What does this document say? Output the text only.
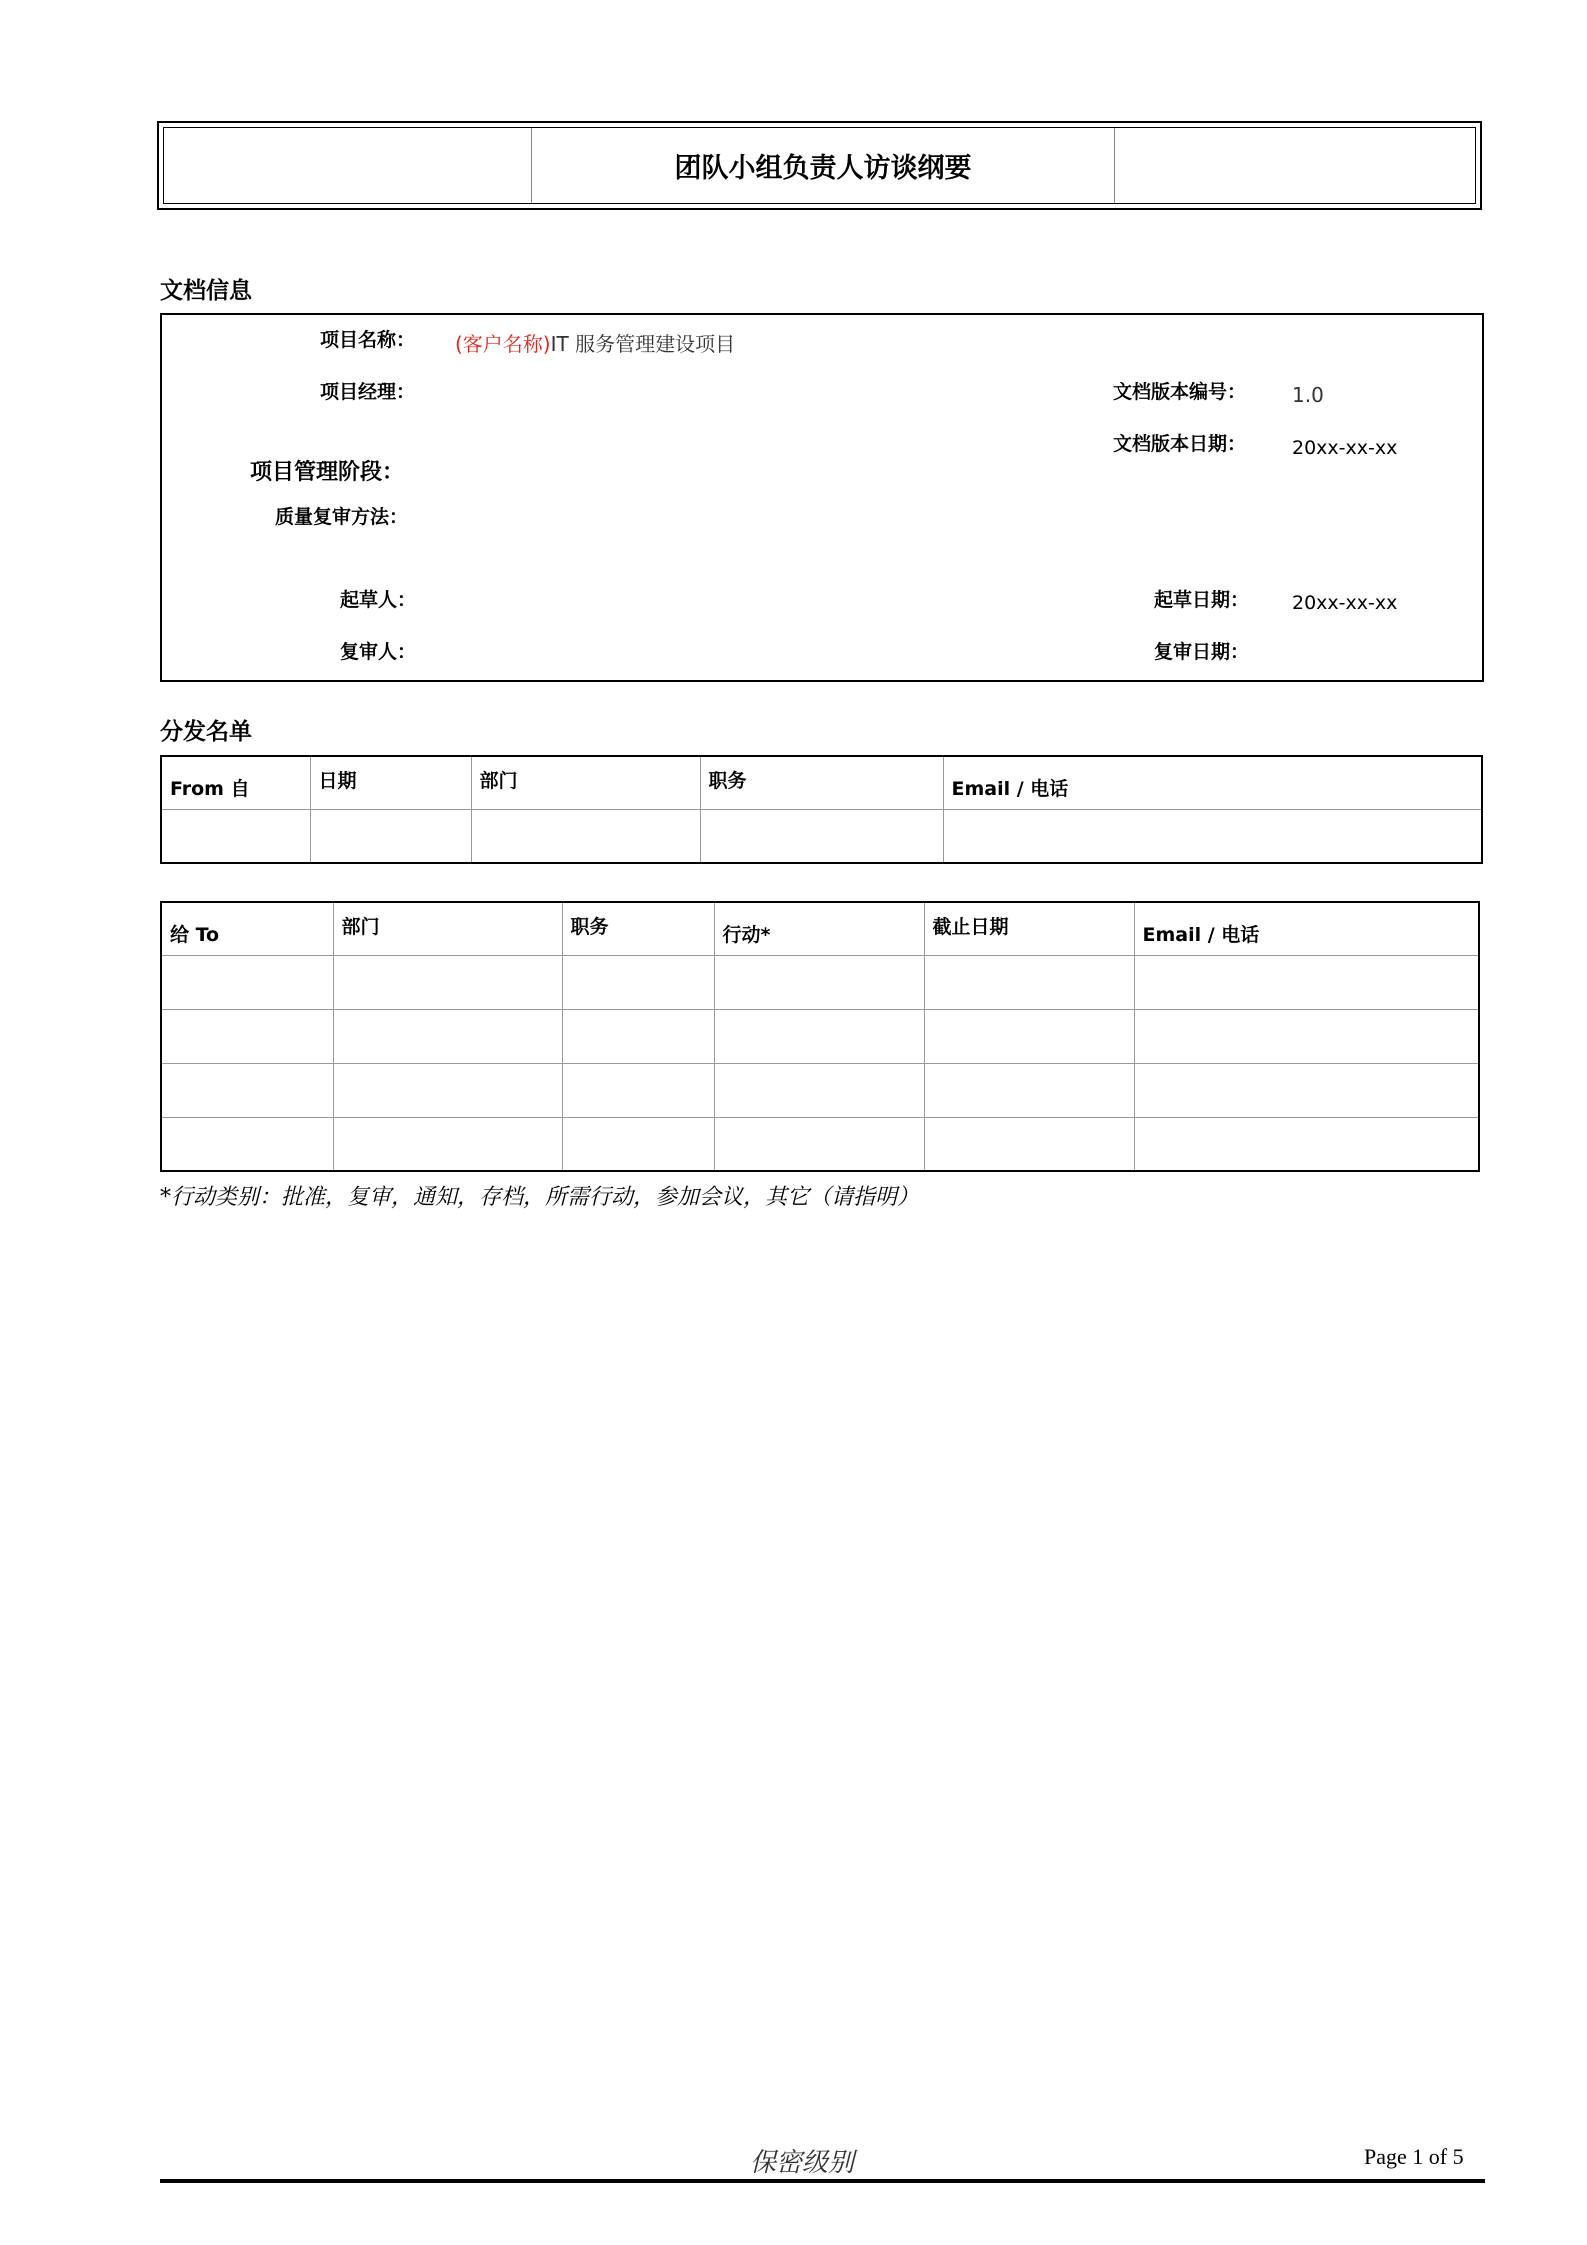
团队小组负责人访谈纲要
文档信息
项目名称： (客户名称)IT 服务管理建设项目
项目经理：	文档版本编号： 1.0
文档版本日期： 20xx-xx-xx
项目管理阶段：
质量复审方法：
起草人：	起草日期： 20xx-xx-xx
复审人：	复审日期：
分发名单
From 自	日期	部门	职务	Email / 电话

给 To	部门	职务	行动*	截止日期	Email / 电话

*行动类别：批准，复审，通知，存档，所需行动，参加会议，其它（请指明）
保密级别	Page 1 of 5
